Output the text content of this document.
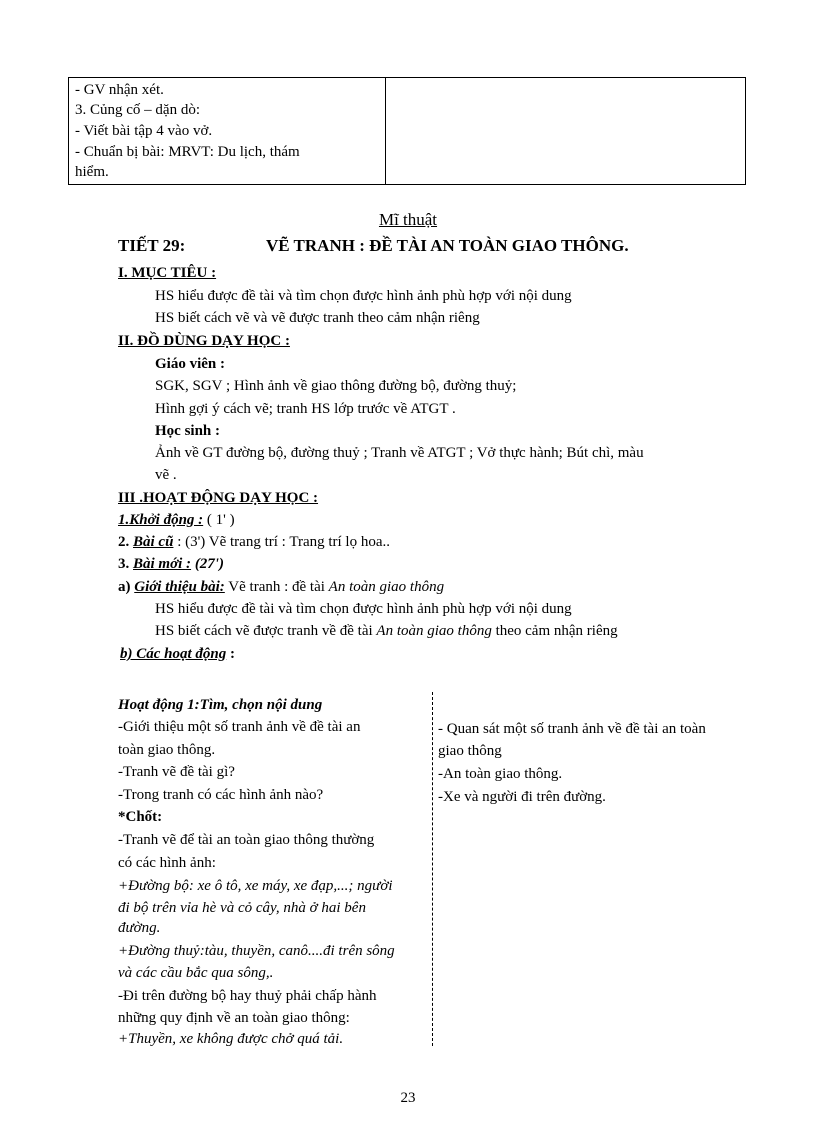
- GV nhận xét.
3. Củng cố – dặn dò:
- Viết bài tập 4 vào vở.
- Chuẩn bị bài: MRVT: Du lịch, thám
hiểm.
Mĩ thuật
TIẾT 29:	VẼ TRANH : ĐỀ TÀI AN TOÀN GIAO THÔNG.
I. MỤC TIÊU :
HS hiểu được đề tài và tìm chọn được hình ảnh phù hợp với nội dung
HS biết cách vẽ và vẽ được tranh theo cảm nhận riêng
II. ĐỒ DÙNG DẠY HỌC :
Giáo viên :
SGK, SGV ; Hình ảnh về giao thông đường bộ, đường thuỷ;
Hình gợi ý cách vẽ; tranh HS lớp trước về ATGT .
Học sinh :
Ảnh về GT đường bộ, đường thuỷ ; Tranh về ATGT ; Vở thực hành; Bút chì, màu
vẽ .
III .HOẠT ĐỘNG DẠY HỌC :
1.Khởi động : ( 1' )
2. Bài cũ : (3') Vẽ trang trí : Trang trí lọ hoa..
3. Bài mới : (27')
a) Giới thiệu bài: Vẽ tranh : đề tài An toàn giao thông
HS hiểu được đề tài và tìm chọn được hình ảnh phù hợp với nội dung
HS biết cách vẽ được tranh về đề tài An toàn giao thông theo cảm nhận riêng
b) Các hoạt động :
Hoạt động 1:Tìm, chọn nội dung
-Giới thiệu một số tranh ảnh về đề tài an
toàn giao thông.
-Tranh vẽ đề tài gì?
-Trong tranh có các hình ảnh nào?
*Chốt:
-Tranh vẽ để tài an toàn giao thông thường
có các hình ảnh:
+Đường bộ: xe ô tô, xe máy, xe đạp,...; người
đi bộ trên vỉa hè và cỏ cây, nhà ở hai bên
đường.
+Đường thuỷ:tàu, thuyền, canô....đi trên sông
và các cầu bắc qua sông,.
-Đi trên đường bộ hay thuỷ phải chấp hành
những quy định về an toàn giao thông:
+Thuyền, xe không được chở quá tải.
- Quan sát một số tranh ảnh về đề tài an toàn
giao thông
-An toàn giao thông.
-Xe và người đi trên đường.
23
